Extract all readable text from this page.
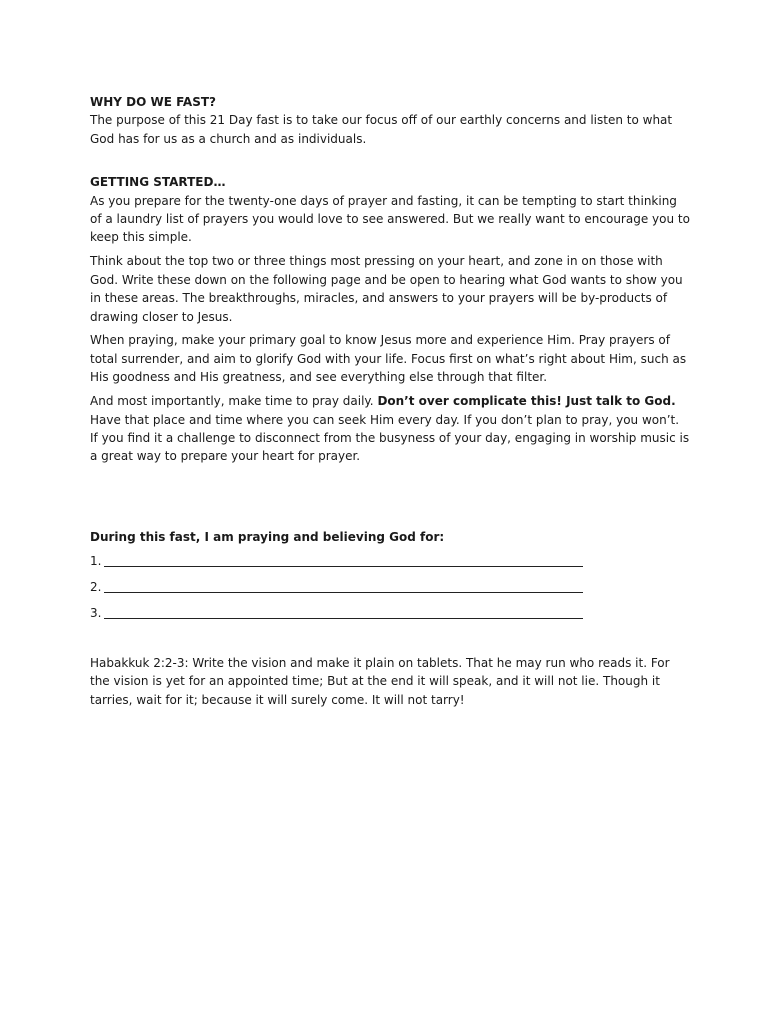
WHY DO WE FAST?

The purpose of this 21 Day fast is to take our focus off of our earthly concerns and listen to what God has for us as a church and as individuals.

GETTING STARTED…

As you prepare for the twenty-one days of prayer and fasting, it can be tempting to start thinking of a laundry list of prayers you would love to see answered. But we really want to encourage you to keep this simple.

Think about the top two or three things most pressing on your heart, and zone in on those with God. Write these down on the following page and be open to hearing what God wants to show you in these areas. The breakthroughs, miracles, and answers to your prayers will be by-products of drawing closer to Jesus.

When praying, make your primary goal to know Jesus more and experience Him. Pray prayers of total surrender, and aim to glorify God with your life. Focus first on what’s right about Him, such as His goodness and His greatness, and see everything else through that filter.

And most importantly, make time to pray daily. Don’t over complicate this! Just talk to God. Have that place and time where you can seek Him every day. If you don’t plan to pray, you won’t. If you find it a challenge to disconnect from the busyness of your day, engaging in worship music is a great way to prepare your heart for prayer.

During this fast, I am praying and believing God for:

1.
2.
3.

Habakkuk 2:2-3: Write the vision and make it plain on tablets. That he may run who reads it. For the vision is yet for an appointed time; But at the end it will speak, and it will not lie. Though it tarries, wait for it; because it will surely come. It will not tarry!
